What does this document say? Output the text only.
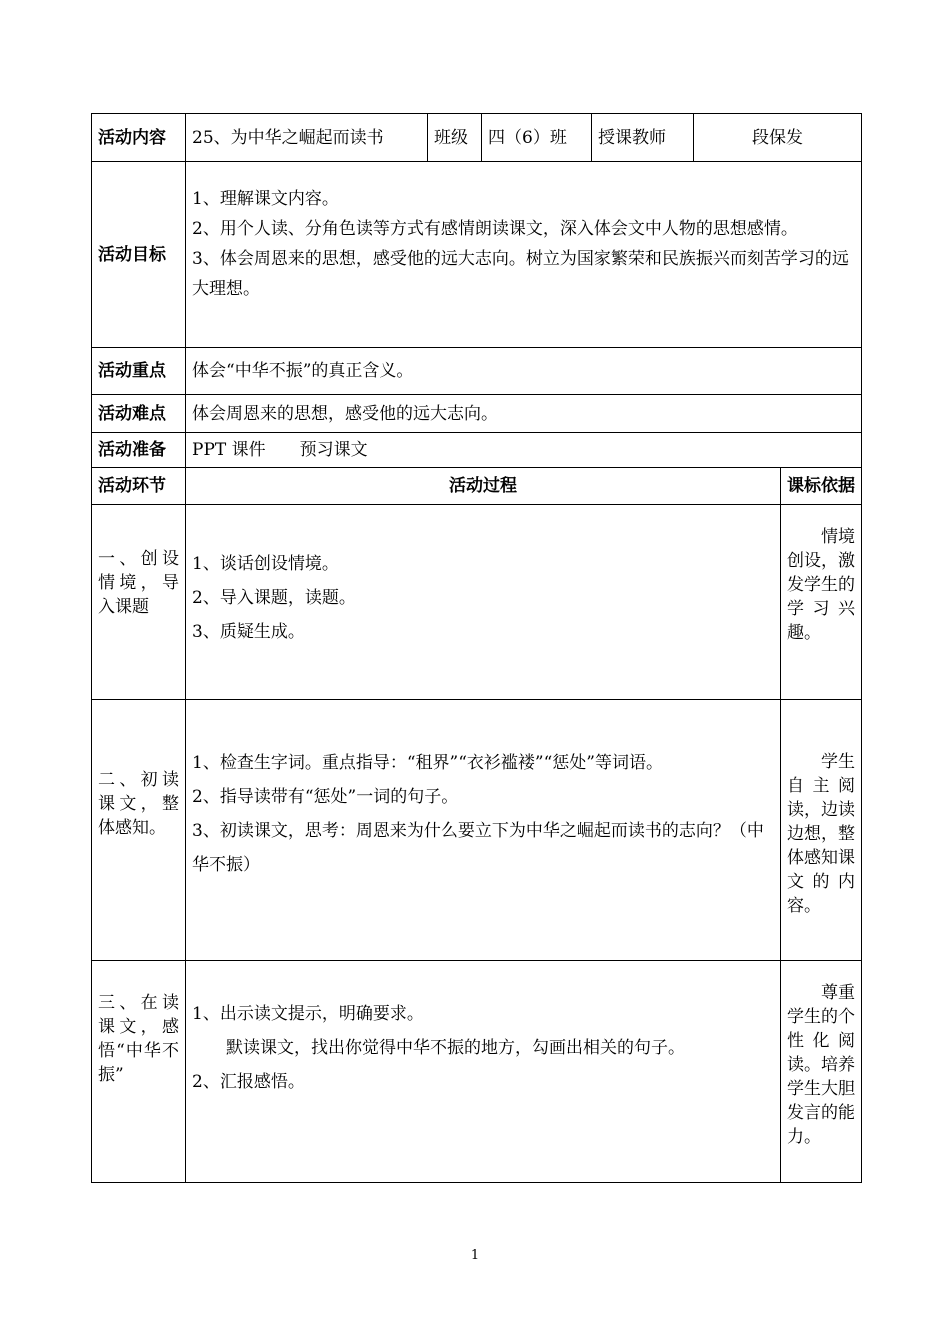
活动内容	25、为中华之崛起而读书	班级	四（6）班	授课教师	段保发	
活动目标	1、理解课文内容。

2、用个人读、分角色读等方式有感情朗读课文，深入体会文中人物的思想感情。

3、体会周恩来的思想，感受他的远大志向。树立为国家繁荣和民族振兴而刻苦学习的远大理想。					

活动重点	体会“中华不振”的真正含义。					
活动难点	体会周恩来的思想，感受他的远大志向。					
活动准备	PPT 课件　　预习课文					
活动环节	活动过程					课标依据
一、创设情境，导入课题	1、谈话创设情境。

2、导入课题，读题。

3、质疑生成。					情境创设，激发学生的学习兴趣。
二、初读课文，整体感知。	1、检查生字词。重点指导：“租界”“衣衫褴褛”“惩处”等词语。

2、指导读带有“惩处”一词的句子。

3、初读课文，思考：周恩来为什么要立下为中华之崛起而读书的志向？（中华不振）					学生自主阅读，边读边想，整体感知课文的内容。
三、在读课文，感悟“中华不振”	1、出示读文提示，明确要求。

默读课文，找出你觉得中华不振的地方，勾画出相关的句子。

2、汇报感悟。					尊重学生的个性化阅读。培养学生大胆发言的能力。
1
